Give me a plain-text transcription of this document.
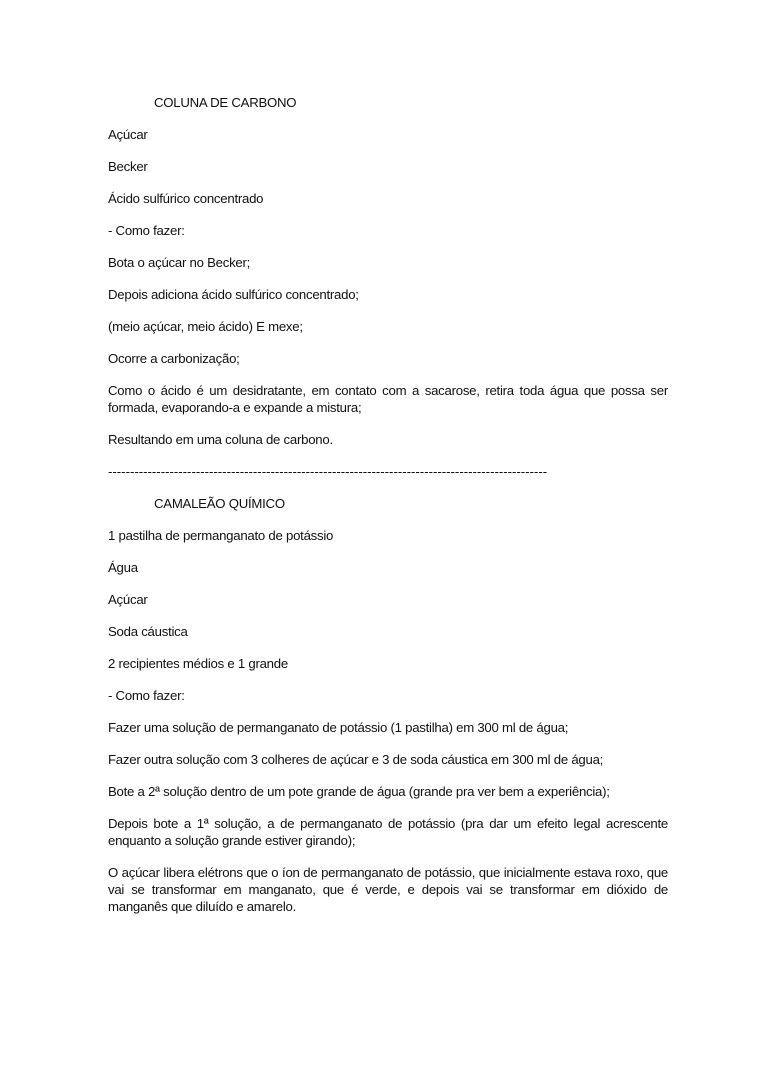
COLUNA DE CARBONO

Açúcar

Becker

Ácido sulfúrico concentrado

- Como fazer:

Bota o açúcar no Becker;

Depois adiciona ácido sulfúrico concentrado;

(meio açúcar, meio ácido) E mexe;

Ocorre a carbonização;

Como o ácido é um desidratante, em contato com a sacarose, retira toda água que possa ser formada, evaporando-a e expande a mistura;

Resultando em uma coluna de carbono.

----------------------------------------------------------------------------------------------------

CAMALEÃO QUÍMICO

1 pastilha de permanganato de potássio

Água

Açúcar

Soda cáustica

2 recipientes médios e 1 grande

- Como fazer:

Fazer uma solução de permanganato de potássio (1 pastilha) em 300 ml de água;

Fazer outra solução com 3 colheres de açúcar e 3 de soda cáustica em 300 ml de água;

Bote a 2ª solução dentro de um pote grande de água (grande pra ver bem a experiência);

Depois bote a 1ª solução, a de permanganato de potássio (pra dar um efeito legal acrescente enquanto a solução grande estiver girando);

O açúcar libera elétrons que o íon de permanganato de potássio, que inicialmente estava roxo, que vai se transformar em manganato, que é verde, e depois vai se transformar em dióxido de manganês que diluído e amarelo.
